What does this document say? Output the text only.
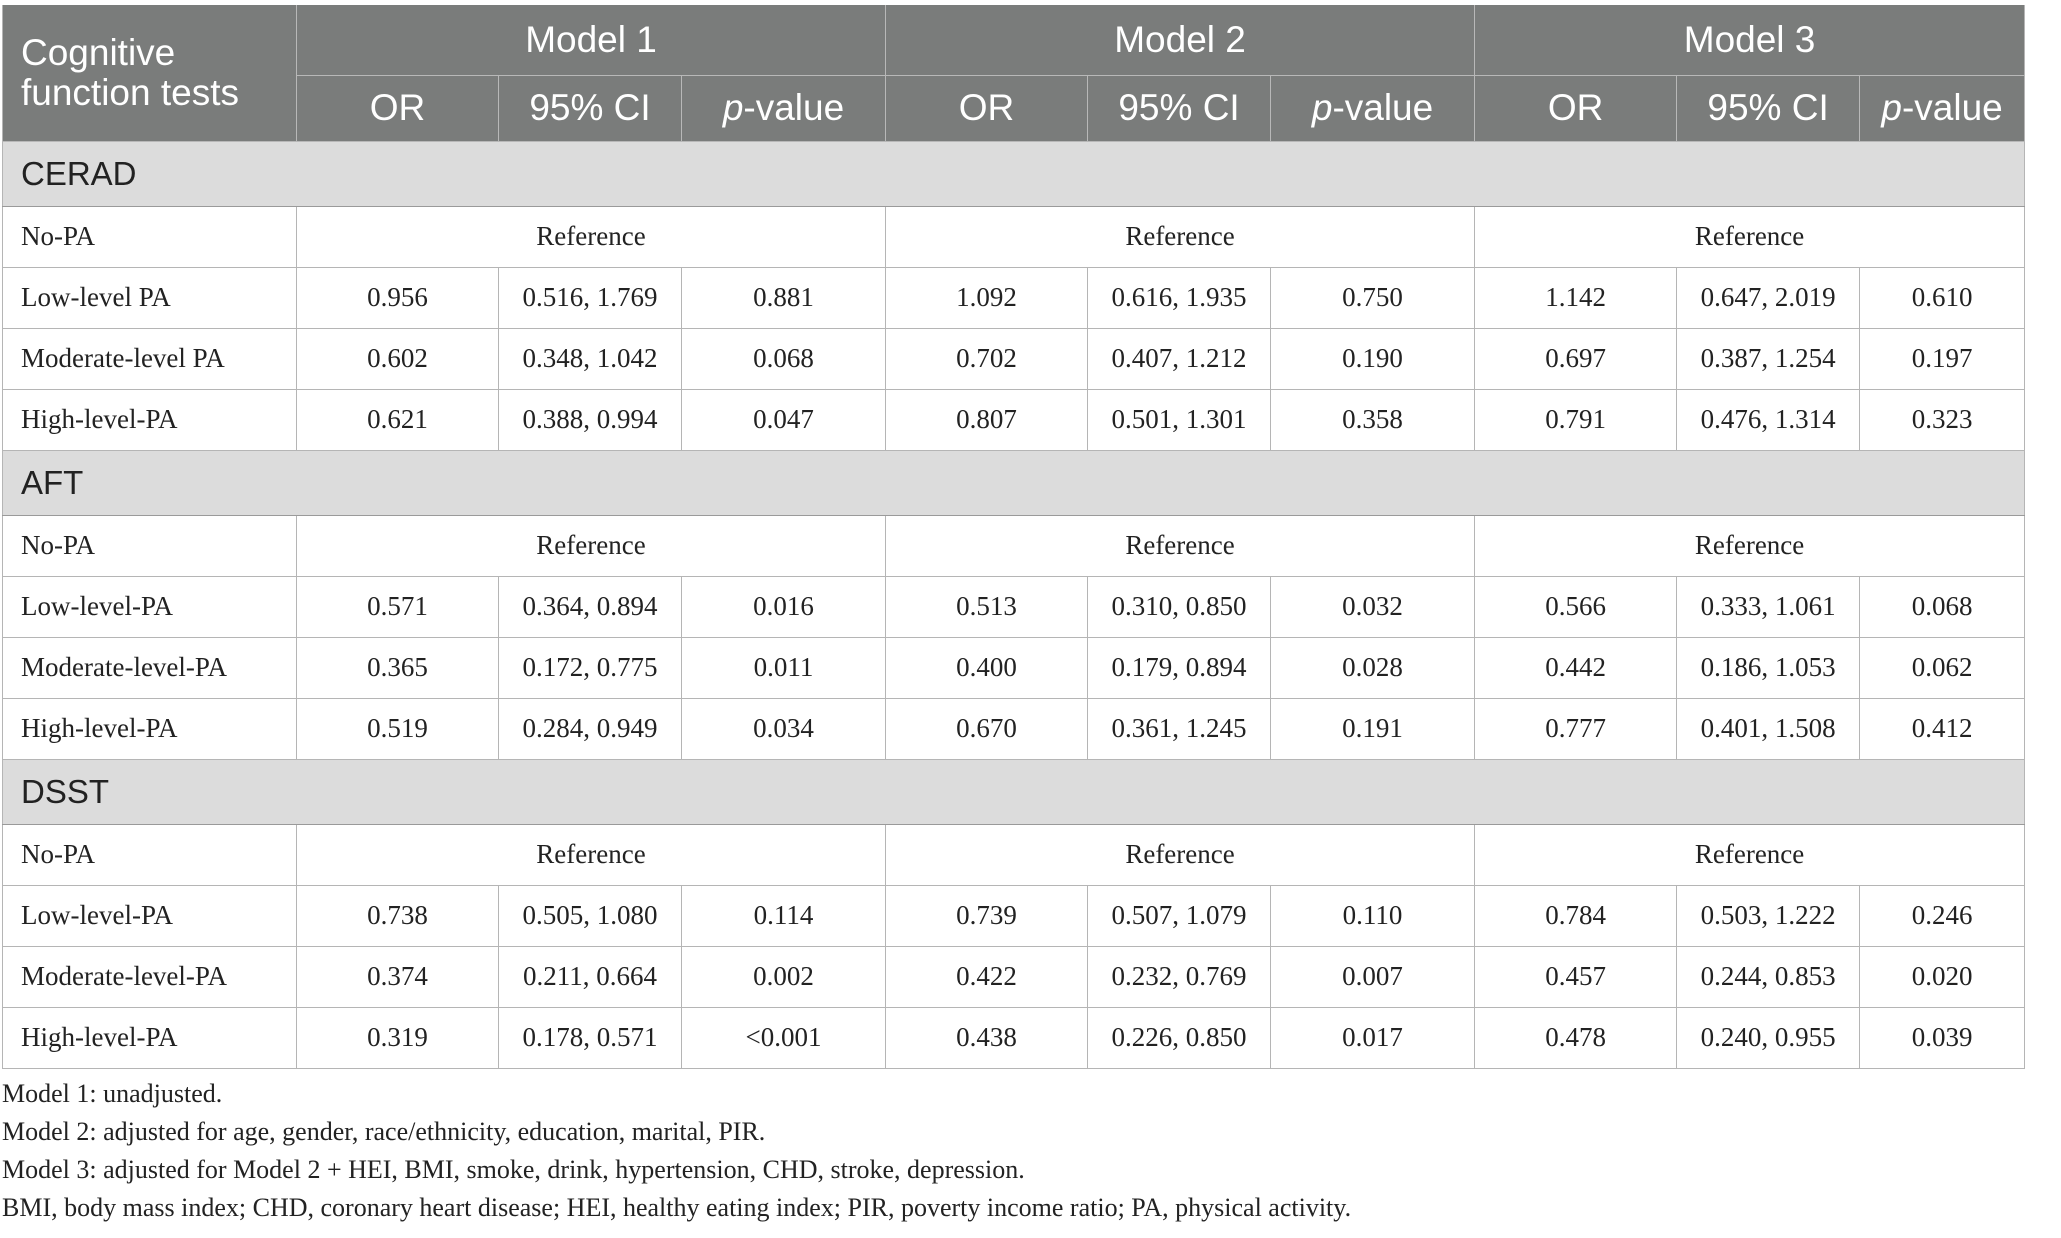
Cognitive
function tests	Model 1			Model 2			Model 3		
	OR	95% CI	p-value	OR	95% CI	p-value	OR	95% CI	p-value
CERAD									
No-PA	Reference			Reference			Reference		
Low-level PA	0.956	0.516, 1.769	0.881	1.092	0.616, 1.935	0.750	1.142	0.647, 2.019	0.610
Moderate-level PA	0.602	0.348, 1.042	0.068	0.702	0.407, 1.212	0.190	0.697	0.387, 1.254	0.197
High-level-PA	0.621	0.388, 0.994	0.047	0.807	0.501, 1.301	0.358	0.791	0.476, 1.314	0.323
AFT									
No-PA	Reference			Reference			Reference		
Low-level-PA	0.571	0.364, 0.894	0.016	0.513	0.310, 0.850	0.032	0.566	0.333, 1.061	0.068
Moderate-level-PA	0.365	0.172, 0.775	0.011	0.400	0.179, 0.894	0.028	0.442	0.186, 1.053	0.062
High-level-PA	0.519	0.284, 0.949	0.034	0.670	0.361, 1.245	0.191	0.777	0.401, 1.508	0.412
DSST									
No-PA	Reference			Reference			Reference		
Low-level-PA	0.738	0.505, 1.080	0.114	0.739	0.507, 1.079	0.110	0.784	0.503, 1.222	0.246
Moderate-level-PA	0.374	0.211, 0.664	0.002	0.422	0.232, 0.769	0.007	0.457	0.244, 0.853	0.020
High-level-PA	0.319	0.178, 0.571	<0.001	0.438	0.226, 0.850	0.017	0.478	0.240, 0.955	0.039
Model 1: unadjusted.
Model 2: adjusted for age, gender, race/ethnicity, education, marital, PIR.
Model 3: adjusted for Model 2 + HEI, BMI, smoke, drink, hypertension, CHD, stroke, depression.
BMI, body mass index; CHD, coronary heart disease; HEI, healthy eating index; PIR, poverty income ratio; PA, physical activity.
